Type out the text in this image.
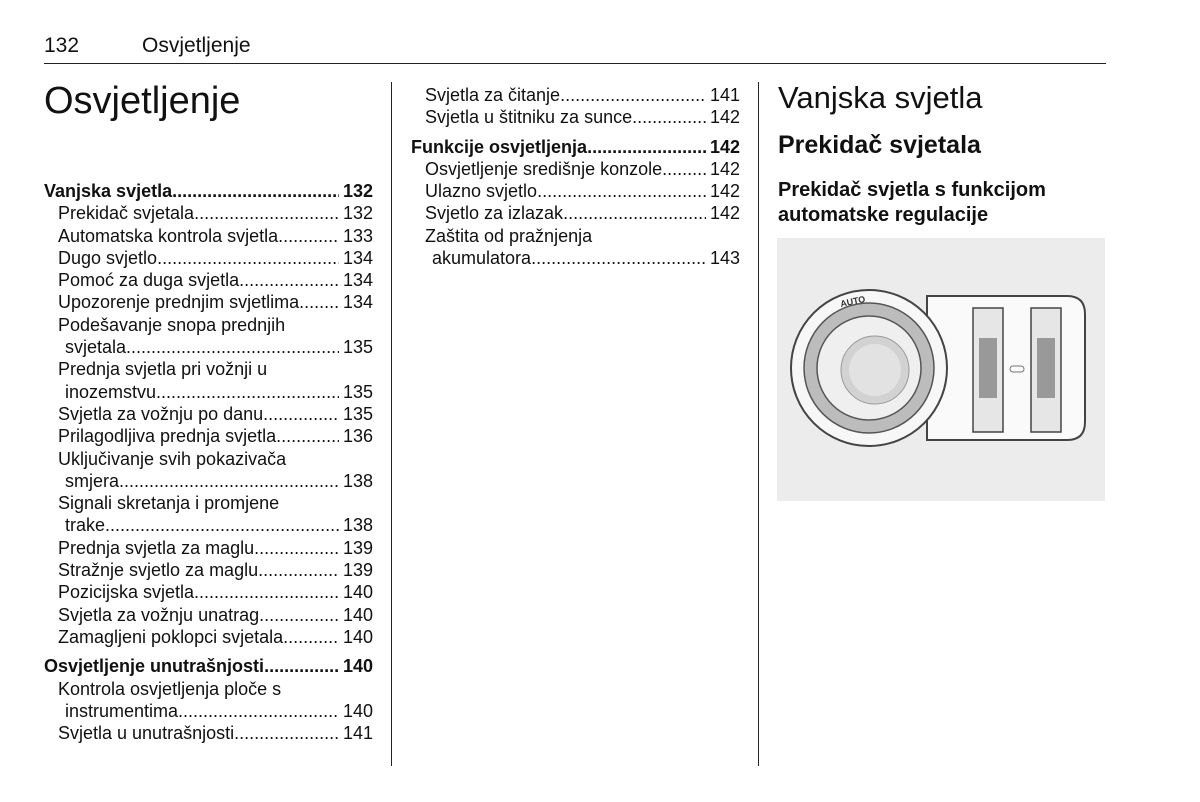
132	Osvjetljenje
Osvjetljenje
Vanjska svjetla .....	132
Prekidač svjetala .....	132
Automatska kontrola svjetla .....	133
Dugo svjetlo .....	134
Pomoć za duga svjetla .....	134
Upozorenje prednjim svjetlima ..... 134
Podešavanje snopa prednjih
svjetala .....	135
Prednja svjetla pri vožnji u
inozemstvu .....	135
Svjetla za vožnju po danu .....	135
Prilagodljiva prednja svjetla .....	136
Uključivanje svih pokazivača
smjera .....	138
Signali skretanja i promjene
trake .....	138
Prednja svjetla za maglu .....	139
Stražnje svjetlo za maglu .....	139
Pozicijska svjetla .....	140
Svjetla za vožnju unatrag .....	140
Zamagljeni poklopci svjetala .....	140
Osvjetljenje unutrašnjosti .....	140
Kontrola osvjetljenja ploče s
instrumentima .....	140
Svjetla u unutrašnjosti .....	141
Svjetla za čitanje .....	141
Svjetla u štitniku za sunce .....	142
Funkcije osvjetljenja .....	142
Osvjetljenje središnje konzole .....	142
Ulazno svjetlo .....	142
Svjetlo za izlazak .....	142
Zaštita od pražnjenja
akumulatora .....	143
Vanjska svjetla
Prekidač svjetala
Prekidač svjetla s funkcijom automatske regulacije
AUTO
